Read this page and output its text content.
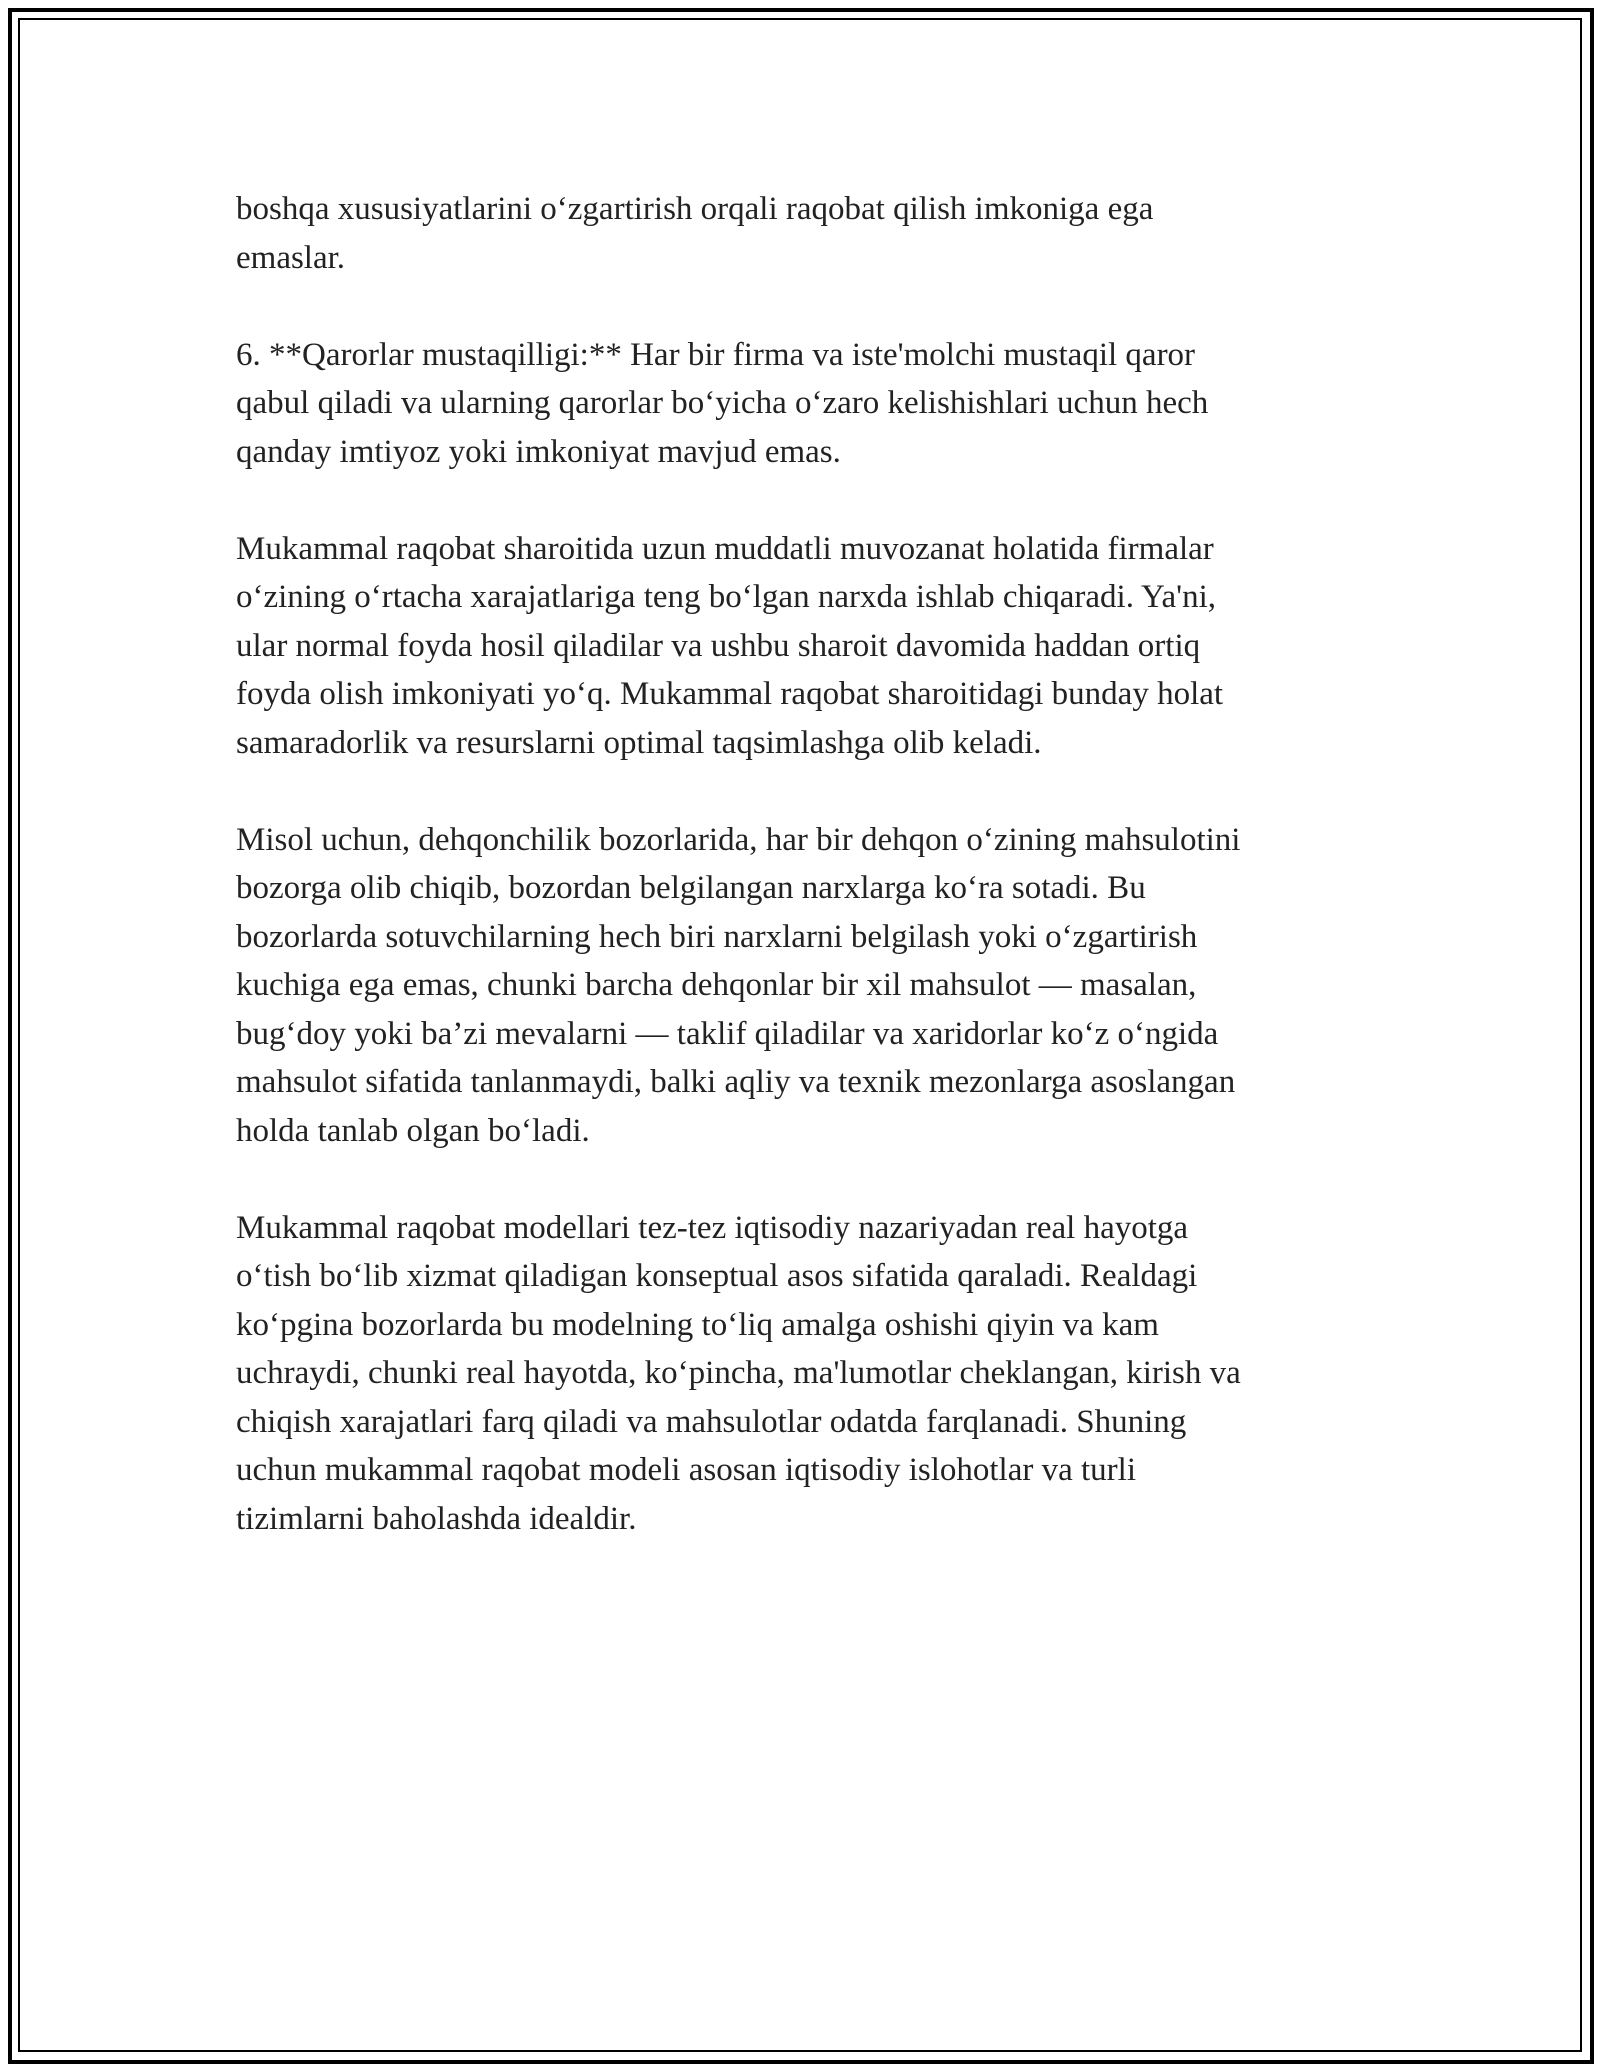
boshqa xususiyatlarini o‘zgartirish orqali raqobat qilish imkoniga ega
emaslar.

6. **Qarorlar mustaqilligi:** Har bir firma va iste'molchi mustaqil qaror
qabul qiladi va ularning qarorlar bo‘yicha o‘zaro kelishishlari uchun hech
qanday imtiyoz yoki imkoniyat mavjud emas.

Mukammal raqobat sharoitida uzun muddatli muvozanat holatida firmalar
o‘zining o‘rtacha xarajatlariga teng bo‘lgan narxda ishlab chiqaradi. Ya'ni,
ular normal foyda hosil qiladilar va ushbu sharoit davomida haddan ortiq
foyda olish imkoniyati yo‘q. Mukammal raqobat sharoitidagi bunday holat
samaradorlik va resurslarni optimal taqsimlashga olib keladi.

Misol uchun, dehqonchilik bozorlarida, har bir dehqon o‘zining mahsulotini
bozorga olib chiqib, bozordan belgilangan narxlarga ko‘ra sotadi. Bu
bozorlarda sotuvchilarning hech biri narxlarni belgilash yoki o‘zgartirish
kuchiga ega emas, chunki barcha dehqonlar bir xil mahsulot — masalan,
bug‘doy yoki ba’zi mevalarni — taklif qiladilar va xaridorlar ko‘z o‘ngida
mahsulot sifatida tanlanmaydi, balki aqliy va texnik mezonlarga asoslangan
holda tanlab olgan bo‘ladi.

Mukammal raqobat modellari tez-tez iqtisodiy nazariyadan real hayotga
o‘tish bo‘lib xizmat qiladigan konseptual asos sifatida qaraladi. Realdagi
ko‘pgina bozorlarda bu modelning to‘liq amalga oshishi qiyin va kam
uchraydi, chunki real hayotda, ko‘pincha, ma'lumotlar cheklangan, kirish va
chiqish xarajatlari farq qiladi va mahsulotlar odatda farqlanadi. Shuning
uchun mukammal raqobat modeli asosan iqtisodiy islohotlar va turli
tizimlarni baholashda idealdir.
